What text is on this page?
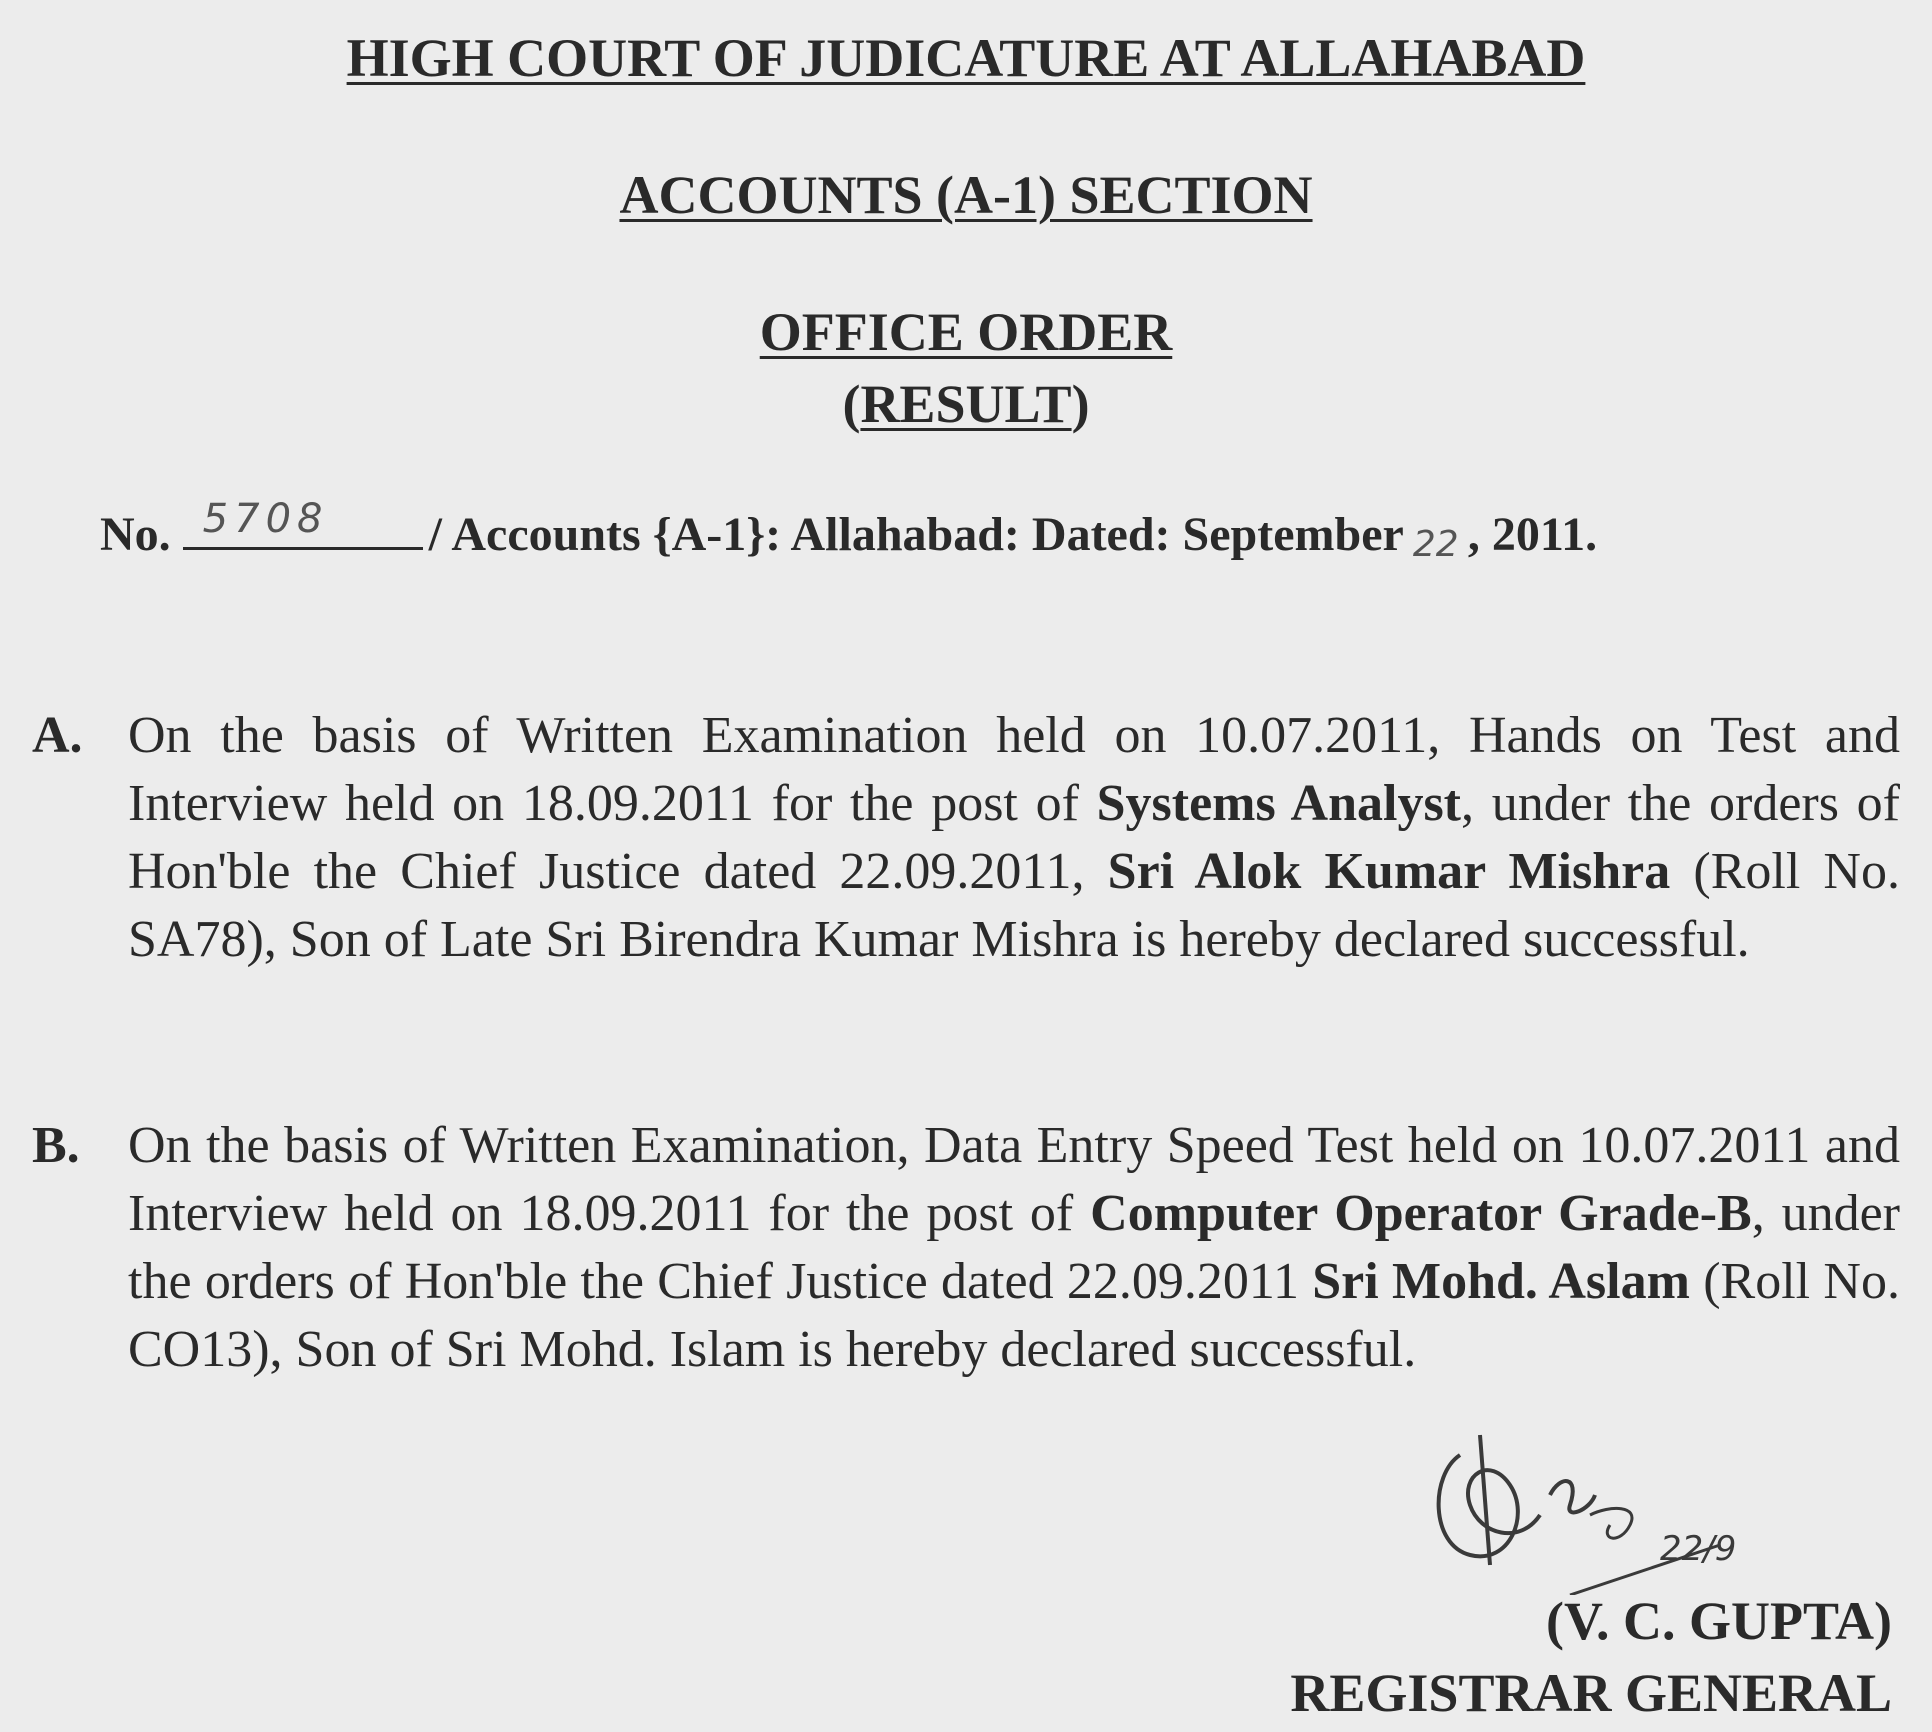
HIGH COURT OF JUDICATURE AT ALLAHABAD
ACCOUNTS (A-1) SECTION
OFFICE ORDER
(RESULT)
No. 5708 / Accounts {A-1}: Allahabad: Dated: September 22 , 2011.
A. On the basis of Written Examination held on 10.07.2011, Hands on Test and Interview held on 18.09.2011 for the post of Systems Analyst, under the orders of Hon'ble the Chief Justice dated 22.09.2011, Sri Alok Kumar Mishra (Roll No. SA78), Son of Late Sri Birendra Kumar Mishra is hereby declared successful.
B. On the basis of Written Examination, Data Entry Speed Test held on 10.07.2011 and Interview held on 18.09.2011 for the post of Computer Operator Grade-B, under the orders of Hon'ble the Chief Justice dated 22.09.2011 Sri Mohd. Aslam (Roll No. CO13), Son of Sri Mohd. Islam is hereby declared successful.
22/9
(V. C. GUPTA)
REGISTRAR GENERAL
